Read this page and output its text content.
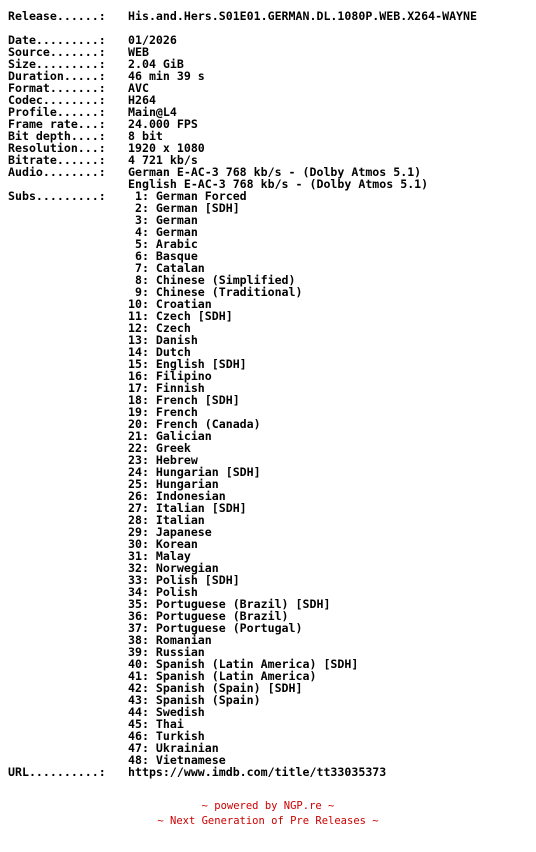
Release......:	His.and.Hers.S01E01.GERMAN.DL.1080P.WEB.X264-WAYNE
Date.........:	01/2026
Source.......:	WEB
Size.........:	2.04 GiB
Duration.....:	46 min 39 s
Format.......:	AVC
Codec........:	H264
Profile......:	Main@L4
Frame rate...:	24.000 FPS
Bit depth....:	8 bit
Resolution...:	1920 x 1080
Bitrate......:	4 721 kb/s
Audio........:	German E-AC-3 768 kb/s - (Dolby Atmos 5.1)
English E-AC-3 768 kb/s - (Dolby Atmos 5.1)
Subs.........:	1: German Forced
2: German [SDH]
3: German
4: German
5: Arabic
6: Basque
7: Catalan
8: Chinese (Simplified)
9: Chinese (Traditional)
10: Croatian
11: Czech [SDH]
12: Czech
13: Danish
14: Dutch
15: English [SDH]
16: Filipino
17: Finnish
18: French [SDH]
19: French
20: French (Canada)
21: Galician
22: Greek
23: Hebrew
24: Hungarian [SDH]
25: Hungarian
26: Indonesian
27: Italian [SDH]
28: Italian
29: Japanese
30: Korean
31: Malay
32: Norwegian
33: Polish [SDH]
34: Polish
35: Portuguese (Brazil) [SDH]
36: Portuguese (Brazil)
37: Portuguese (Portugal)
38: Romanian
39: Russian
40: Spanish (Latin America) [SDH]
41: Spanish (Latin America)
42: Spanish (Spain) [SDH]
43: Spanish (Spain)
44: Swedish
45: Thai
46: Turkish
47: Ukrainian
48: Vietnamese
URL..........:	https://www.imdb.com/title/tt33035373
~ powered by NGP.re ~
~ Next Generation of Pre Releases ~
